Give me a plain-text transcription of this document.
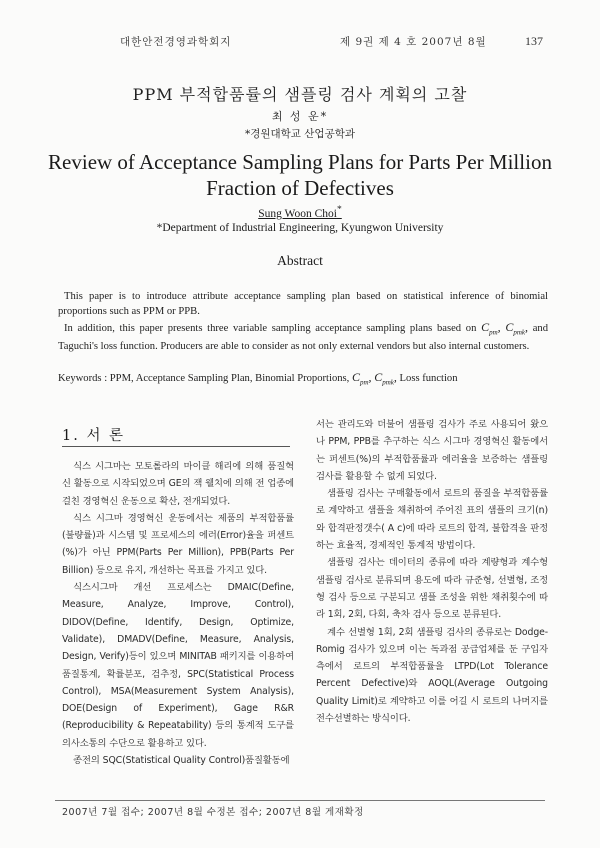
대한안전경영과학회지	제 9권 제 4 호 2007년 8월	137
PPM 부적합품률의 샘플링 검사 계획의 고찰
최 성 운*
*경원대학교 산업공학과
Review of Acceptance Sampling Plans for Parts Per Million
Fraction of Defectives
Sung Woon Choi*
*Department of Industrial Engineering, Kyungwon University
Abstract
This paper is to introduce attribute acceptance sampling plan based on statistical inference of binomial proportions such as PPM or PPB.
In addition, this paper presents three variable sampling acceptance sampling plans based on $C_{pm}$, $C_{pmk}$, and Taguchi's loss function. Producers are able to consider as not only external vendors but also internal customers.
Keywords : PPM, Acceptance Sampling Plan, Binomial Proportions, $C_{pm}$, $C_{pmk}$, Loss function
1. 서 론

식스 시그마는 모토롤라의 마이클 해리에 의해 품질혁신 활동으로 시작되었으며 GE의 잭 웰치에 의해 전 업종에 걸친 경영혁신 운동으로 확산, 전개되었다.

식스 시그마 경영혁신 운동에서는 제품의 부적합품률(불량률)과 시스템 및 프로세스의 에러(Error)율을 퍼센트(%)가 아닌 PPM(Parts Per Million), PPB(Parts Per Billion) 등으로 유지, 개선하는 목표를 가지고 있다.

식스시그마 개선 프로세스는 DMAIC(Define, Measure, Analyze, Improve, Control), DIDOV(Define, Identify, Design, Optimize, Validate), DMADV(Define, Measure, Analysis, Design, Verify)등이 있으며 MINITAB 패키지를 이용하여 품질통계, 확률분포, 검추정, SPC(Statistical Process Control), MSA(Measurement System Analysis), DOE(Design of Experiment), Gage R&R (Reproducibility & Repeatability) 등의 통계적 도구를 의사소통의 수단으로 활용하고 있다.

종전의 SQC(Statistical Quality Control)품질활동에

서는 관리도와 더불어 샘플링 검사가 주로 사용되어 왔으나 PPM, PPB를 추구하는 식스 시그마 경영혁신 활동에서는 퍼센트(%)의 부적합품률과 에러율을 보증하는 샘플링 검사를 활용할 수 없게 되었다.

샘플링 검사는 구매활동에서 로트의 품질을 부적합품률로 계약하고 샘플을 채취하여 주어진 표의 샘플의 크기(n)와 합격판정갯수( A c)에 따라 로트의 합격, 불합격을 판정하는 효율적, 경제적인 통계적 방법이다.

샘플링 검사는 데이터의 종류에 따라 계량형과 계수형 샘플링 검사로 분류되며 용도에 따라 규준형, 선별형, 조정형 검사 등으로 구분되고 샘플 조성을 위한 채취횟수에 따라 1회, 2회, 다회, 축차 검사 등으로 분류된다.

계수 선별형 1회, 2회 샘플링 검사의 종류로는 Dodge-Romig 검사가 있으며 이는 독과점 공급업체를 둔 구입자 측에서 로트의 부적합품률을 LTPD(Lot Tolerance Percent Defective)와 AOQL(Average Outgoing Quality Limit)로 계약하고 이를 어길 시 로트의 나머지를 전수선별하는 방식이다.

2007년 7월 접수; 2007년 8월 수정본 접수; 2007년 8월 게재확정
